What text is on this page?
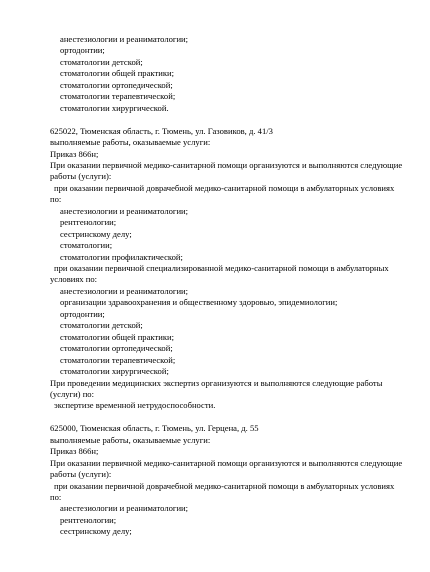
анестезиологии и реаниматологии;
ортодонтии;
стоматологии детской;
стоматологии общей практики;
стоматологии ортопедической;
стоматологии терапевтической;
стоматологии хирургической.
625022, Тюменская область, г. Тюмень, ул. Газовиков, д. 41/3
выполняемые работы, оказываемые услуги:
Приказ 866н;
При оказании первичной медико-санитарной помощи организуются и выполняются следующие
работы (услуги):
при оказании первичной доврачебной медико-санитарной помощи в амбулаторных условиях
по:
анестезиологии и реаниматологии;
рентгенологии;
сестринскому делу;
стоматологии;
стоматологии профилактической;
при оказании первичной специализированной медико-санитарной помощи в амбулаторных
условиях по:
анестезиологии и реаниматологии;
организации здравоохранения и общественному здоровью, эпидемиологии;
ортодонтии;
стоматологии детской;
стоматологии общей практики;
стоматологии ортопедической;
стоматологии терапевтической;
стоматологии хирургической;
При проведении медицинских экспертиз организуются и выполняются следующие работы
(услуги) по:
экспертизе временной нетрудоспособности.
625000, Тюменская область, г. Тюмень, ул. Герцена, д. 55
выполняемые работы, оказываемые услуги:
Приказ 866н;
При оказании первичной медико-санитарной помощи организуются и выполняются следующие
работы (услуги):
при оказании первичной доврачебной медико-санитарной помощи в амбулаторных условиях
по:
анестезиологии и реаниматологии;
рентгенологии;
сестринскому делу;
